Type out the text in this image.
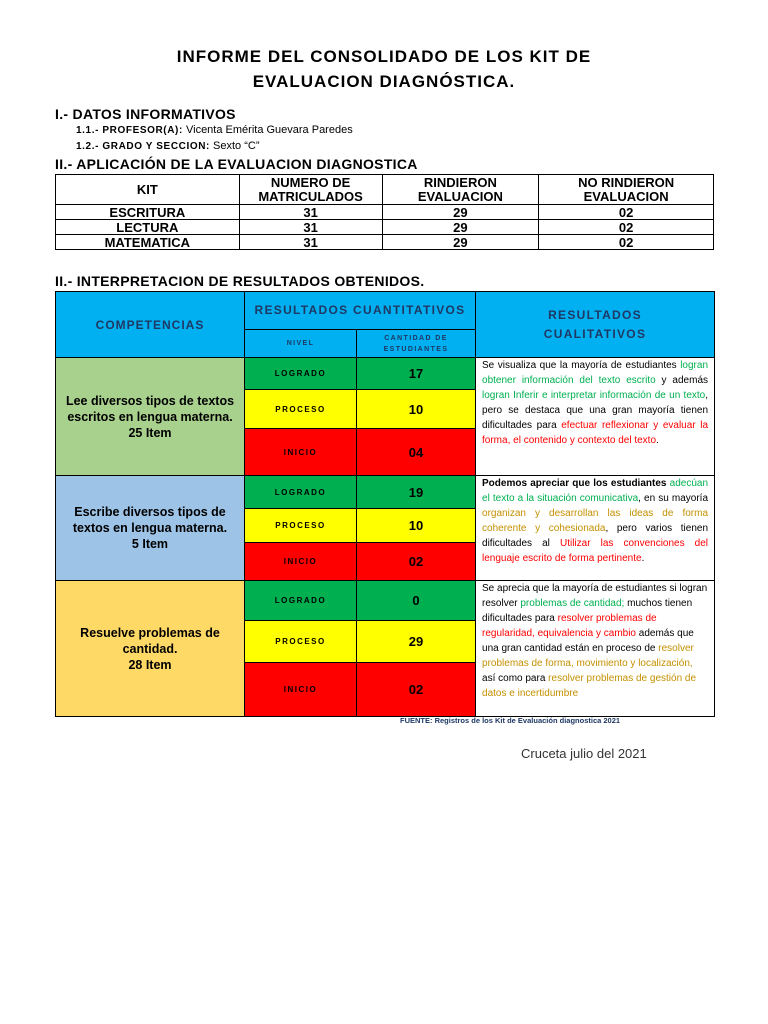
INFORME DEL CONSOLIDADO DE LOS KIT DE
EVALUACION DIAGNÓSTICA.
I.- DATOS INFORMATIVOS
1.1.- PROFESOR(A): Vicenta Emérita Guevara Paredes
1.2.- GRADO Y SECCION: Sexto “C”
II.- APLICACIÓN DE LA EVALUACION DIAGNOSTICA
KIT	NUMERO DE MATRICULADOS	RINDIERON EVALUACION	NO RINDIERON EVALUACION
ESCRITURA	31	29	02
LECTURA	31	29	02
MATEMATICA	31	29	02
II.- INTERPRETACION DE RESULTADOS OBTENIDOS.
COMPETENCIAS	RESULTADOS CUANTITATIVOS		RESULTADOS CUALITATIVOS

	NIVEL	CANTIDAD DE ESTUDIANTES	

Lee diversos tipos de textos escritos en lengua materna.
25 Item	LOGRADO	17	Se visualiza que la mayoría de estudiantes logran obtener información del texto escrito y además logran Inferir e interpretar información de un texto, pero se destaca que una gran mayoría tienen dificultades para efectuar reflexionar y evaluar la forma, el contenido y contexto del texto.

	PROCESO	10	
	INICIO	04	

Escribe diversos tipos de textos en lengua materna.
5 Item	LOGRADO	19	Podemos apreciar que los estudiantes adecúan el texto a la situación comunicativa, en su mayoría organizan y desarrollan las ideas de forma coherente y cohesionada, pero varios tienen dificultades al Utilizar las convenciones del lenguaje escrito de forma pertinente.

	PROCESO	10	
	INICIO	02	

Resuelve problemas de cantidad.
28 Item	LOGRADO	0	Se aprecia que la mayoría de estudiantes si logran resolver problemas de cantidad; muchos tienen dificultades para resolver problemas de regularidad, equivalencia y cambio además que una gran cantidad están en proceso de resolver problemas de forma, movimiento y localización, así como para resolver problemas de gestión de datos e incertidumbre

	PROCESO	29	
	INICIO	02	
FUENTE: Registros de los Kit de Evaluación diagnostica 2021
Cruceta julio del 2021
